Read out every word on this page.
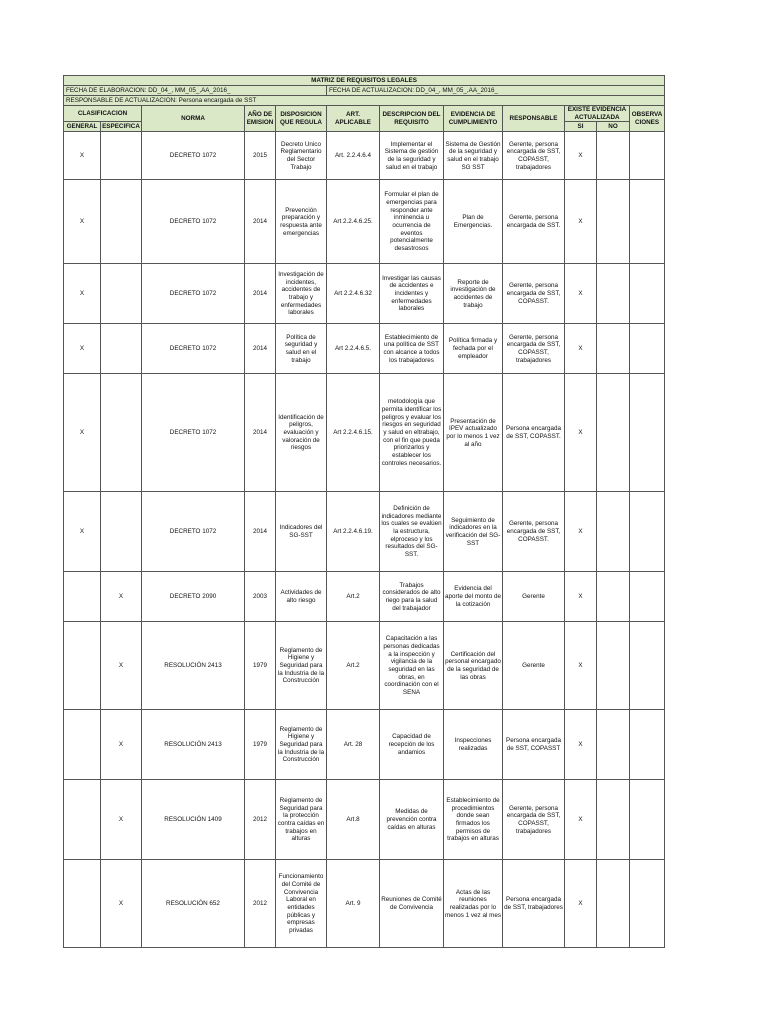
MATRIZ DE REQUISITOS LEGALES											
FECHA DE ELABORACION: DD_04_, MM_05_,AA_2016_					FECHA DE ACTUALIZACION: DD_04_, MM_05_,AA_2016_						
RESPONSABLE DE ACTUALIZACION: Persona encargada de SST											
CLASIFICACION		NORMA	AÑO DE EMISION	DISPOSICION QUE REGULA	ART. APLICABLE	DESCRIPCION DEL REQUISITO	EVIDENCIA DE CUMPLIMIENTO	RESPONSABLE	EXISTE EVIDENCIA ACTUALIZADA		OBSERVACIONES
GENERAL	ESPECIFICA								SI	NO	
X		DECRETO 1072	2015	Decreto Unico Reglamentario del Sector Trabajo	Art. 2.2.4.6.4	Implementar el Sistema de gestión de la seguridad y salud en el trabajo	Sistema de Gestión de la seguridad y salud en el trabajo SG SST	Gerente, persona encargada de SST, COPASST, trabajadores	X		
X		DECRETO 1072	2014	Prevención preparación y respuesta ante emergencias	Art 2.2.4.6.25.	Formular el plan de emergencias para responder ante inminencia u ocurrencia de eventos potencialmente desastrosos	Plan de Emergencias.	Gerente, persona encargada de SST.	X		
X		DECRETO 1072	2014	Investigación de incidentes, accidentes de trabajo y enfermedades laborales	Art 2.2.4.6.32	Investigar las causas de accidentes e incidentes y enfermedades laborales	Reporte de investigación de accidentes de trabajo	Gerente, persona encargada de SST, COPASST.	X		
X		DECRETO 1072	2014	Política de seguridad y salud en el trabajo	Art 2.2.4.6.5.	Establecimiento de una política de SST con alcance a todos los trabajadores	Política firmada y fechada por el empleador	Gerente, persona encargada de SST, COPASST, trabajadores	X		
X		DECRETO 1072	2014	Identificación de peligros, evaluación y valoración de riesgos	Art 2.2.4.6.15.	metodología que permita identificar los peligros y evaluar los riesgos en seguridad y salud en eltrabajo, con el fin que pueda priorizarlos y establecer los controles necesarios.	Presentación de IPEV actualizado por lo menos 1 vez al año	Persona encargada de SST, COPASST.	X		
X		DECRETO 1072	2014	Indicadores del SG-SST	Art 2.2.4.6.19.	Definición de indicadores mediante los cuales se evalúen la estructura, elproceso y los resultados del SG-SST.	Seguimiento de indicadores en la verificación del SG-SST	Gerente, persona encargada de SST, COPASST.	X		
	X	DECRETO 2090	2003	Actividades de alto riesgo	Art.2	Trabajos considerados de alto riego para la salud del trabajador	Evidencia del aporte del monto de la cotización	Gerente	X		
	X	RESOLUCIÓN 2413	1979	Reglamento de Higiene y Seguridad para la Industria de la Construcción	Art.2	Capacitación a las personas dedicadas a la inspección y vigilancia de la seguridad en las obras, en coordinación con el SENA	Certificación del personal encargado de la seguridad de las obras	Gerente	X		
	X	RESOLUCIÓN 2413	1979	Reglamento de Higiene y Seguridad para la Industria de la Construcción	Art. 28	Capacidad de recepción de los andamios	Inspecciones realizadas	Persona encargada de SST, COPASST	X		
	X	RESOLUCIÓN 1409	2012	Reglamento de Seguridad para la protección contra caídas en trabajos en alturas	Art.8	Medidas de prevención contra caídas en alturas	Establecimiento de procedimientos donde sean firmados los permisos de trabajos en alturas	Gerente, persona encargada de SST, COPASST, trabajadores	X		
	X	RESOLUCIÓN 652	2012	Funcionamiento del Comité de Convivencia Laboral en entidades públicas y empresas privadas	Art. 9	Reuniones de Comité de Convivencia	Actas de las reuniones realizadas por lo menos 1 vez al mes	Persona encargada de SST, trabajadores	X		
